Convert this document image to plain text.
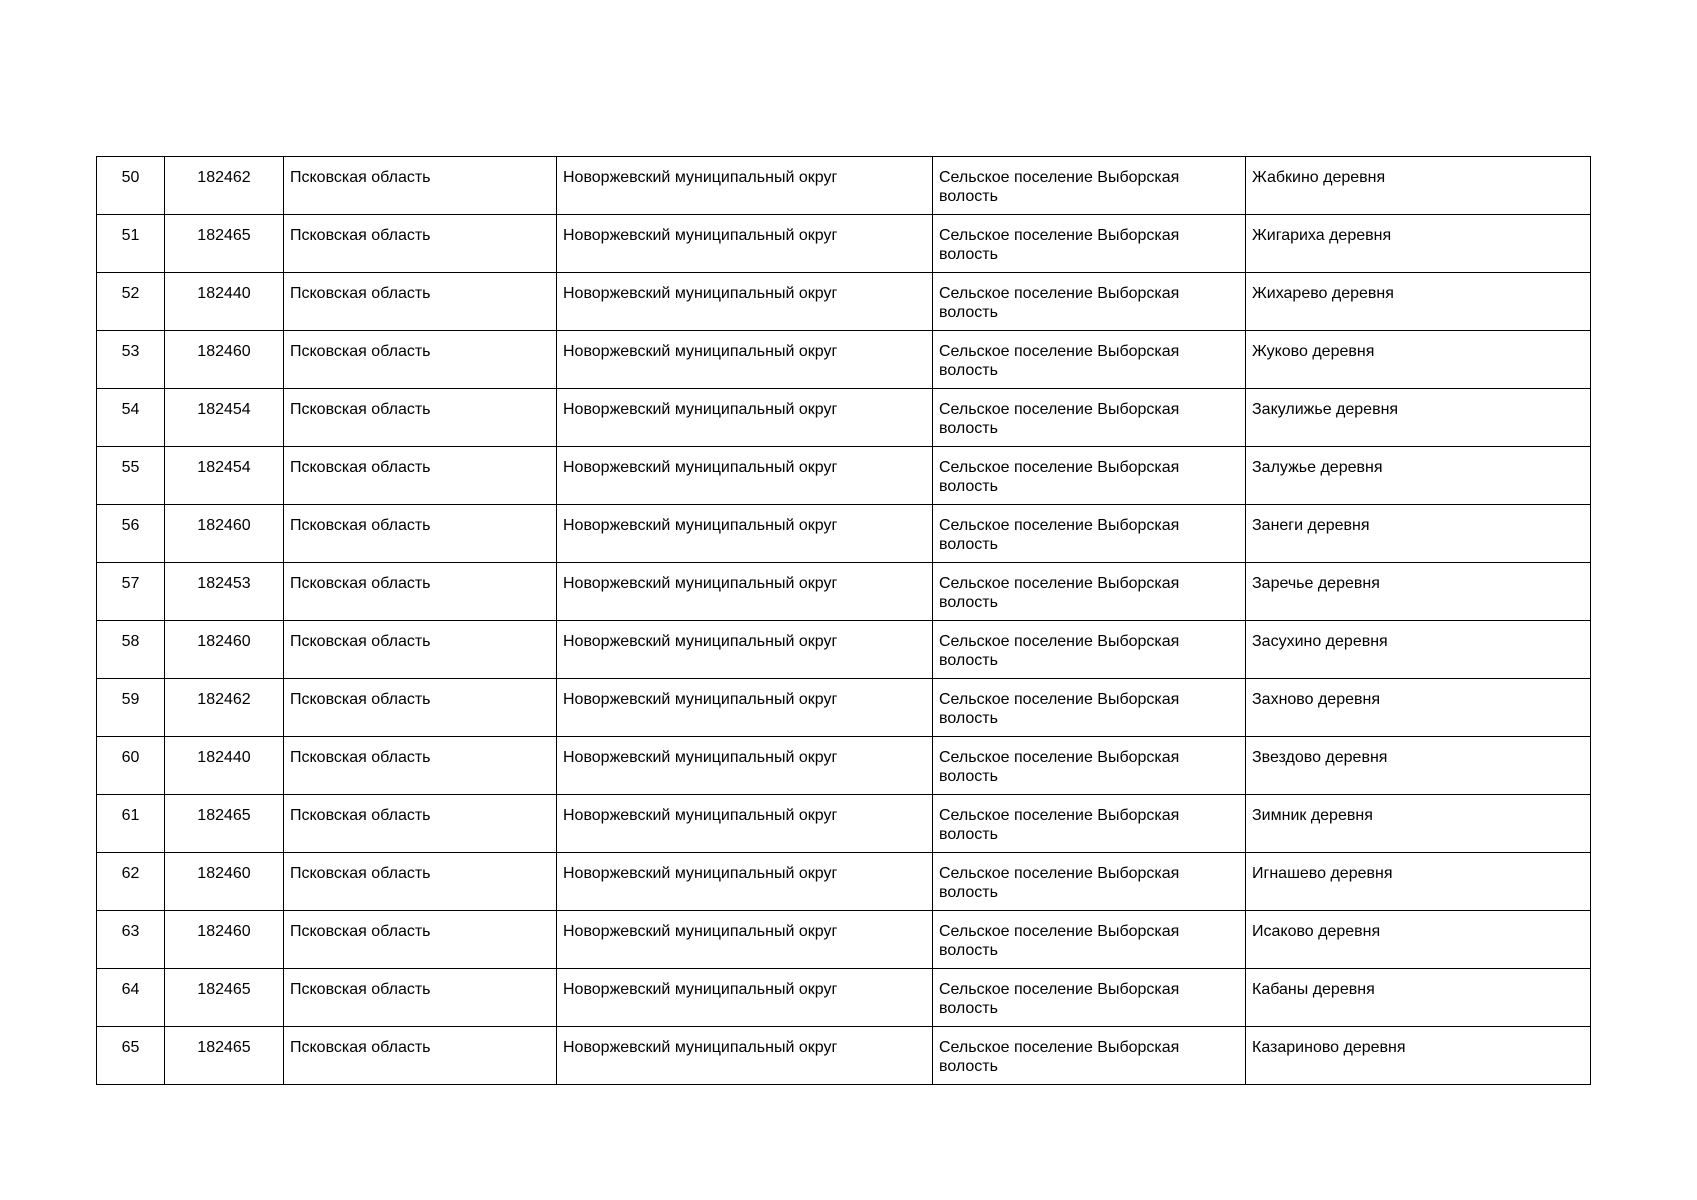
50	182462	Псковская область	Новоржевский муниципальный округ	Сельское поселение Выборская волость	Жабкино деревня
51	182465	Псковская область	Новоржевский муниципальный округ	Сельское поселение Выборская волость	Жигариха деревня
52	182440	Псковская область	Новоржевский муниципальный округ	Сельское поселение Выборская волость	Жихарево деревня
53	182460	Псковская область	Новоржевский муниципальный округ	Сельское поселение Выборская волость	Жуково деревня
54	182454	Псковская область	Новоржевский муниципальный округ	Сельское поселение Выборская волость	Закулижье деревня
55	182454	Псковская область	Новоржевский муниципальный округ	Сельское поселение Выборская волость	Залужье деревня
56	182460	Псковская область	Новоржевский муниципальный округ	Сельское поселение Выборская волость	Занеги деревня
57	182453	Псковская область	Новоржевский муниципальный округ	Сельское поселение Выборская волость	Заречье деревня
58	182460	Псковская область	Новоржевский муниципальный округ	Сельское поселение Выборская волость	Засухино деревня
59	182462	Псковская область	Новоржевский муниципальный округ	Сельское поселение Выборская волость	Захново деревня
60	182440	Псковская область	Новоржевский муниципальный округ	Сельское поселение Выборская волость	Звездово деревня
61	182465	Псковская область	Новоржевский муниципальный округ	Сельское поселение Выборская волость	Зимник деревня
62	182460	Псковская область	Новоржевский муниципальный округ	Сельское поселение Выборская волость	Игнашево деревня
63	182460	Псковская область	Новоржевский муниципальный округ	Сельское поселение Выборская волость	Исаково деревня
64	182465	Псковская область	Новоржевский муниципальный округ	Сельское поселение Выборская волость	Кабаны деревня
65	182465	Псковская область	Новоржевский муниципальный округ	Сельское поселение Выборская волость	Казариново деревня
